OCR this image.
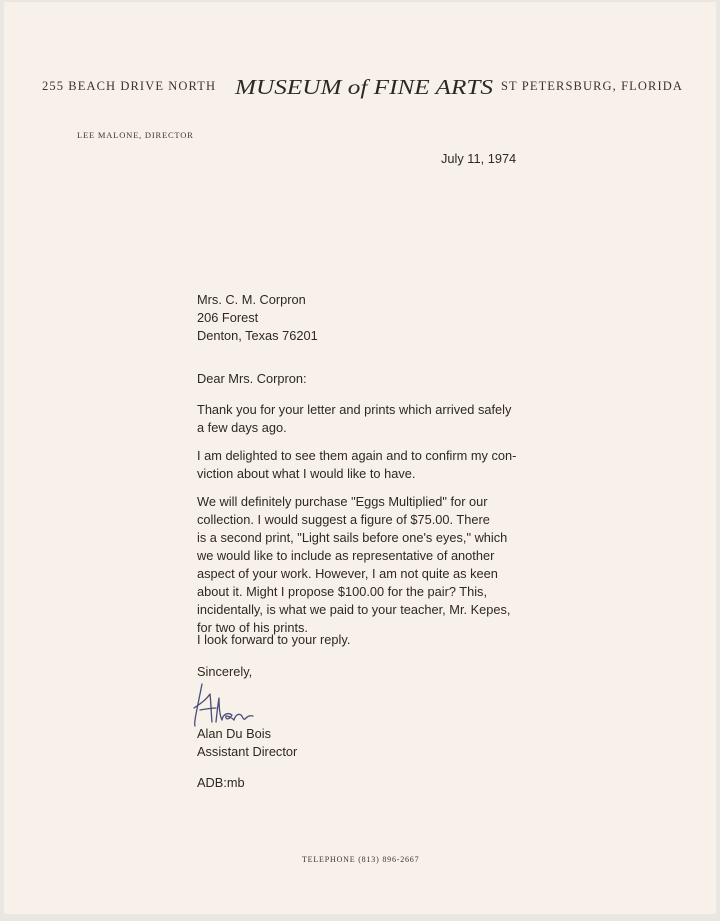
255 BEACH DRIVE NORTH MUSEUM of FINE ARTS ST PETERSBURG, FLORIDA
LEE MALONE, DIRECTOR
July 11, 1974
Mrs. C. M. Corpron
206 Forest
Denton, Texas 76201
Dear Mrs. Corpron:
Thank you for your letter and prints which arrived safely
a few days ago.
I am delighted to see them again and to confirm my con-
viction about what I would like to have.
We will definitely purchase "Eggs Multiplied" for our
collection. I would suggest a figure of $75.00. There
is a second print, "Light sails before one's eyes," which
we would like to include as representative of another
aspect of your work. However, I am not quite as keen
about it. Might I propose $100.00 for the pair? This,
incidentally, is what we paid to your teacher, Mr. Kepes,
for two of his prints.
I look forward to your reply.
Sincerely,
Alan Du Bois
Assistant Director
ADB:mb
TELEPHONE (813) 896-2667
